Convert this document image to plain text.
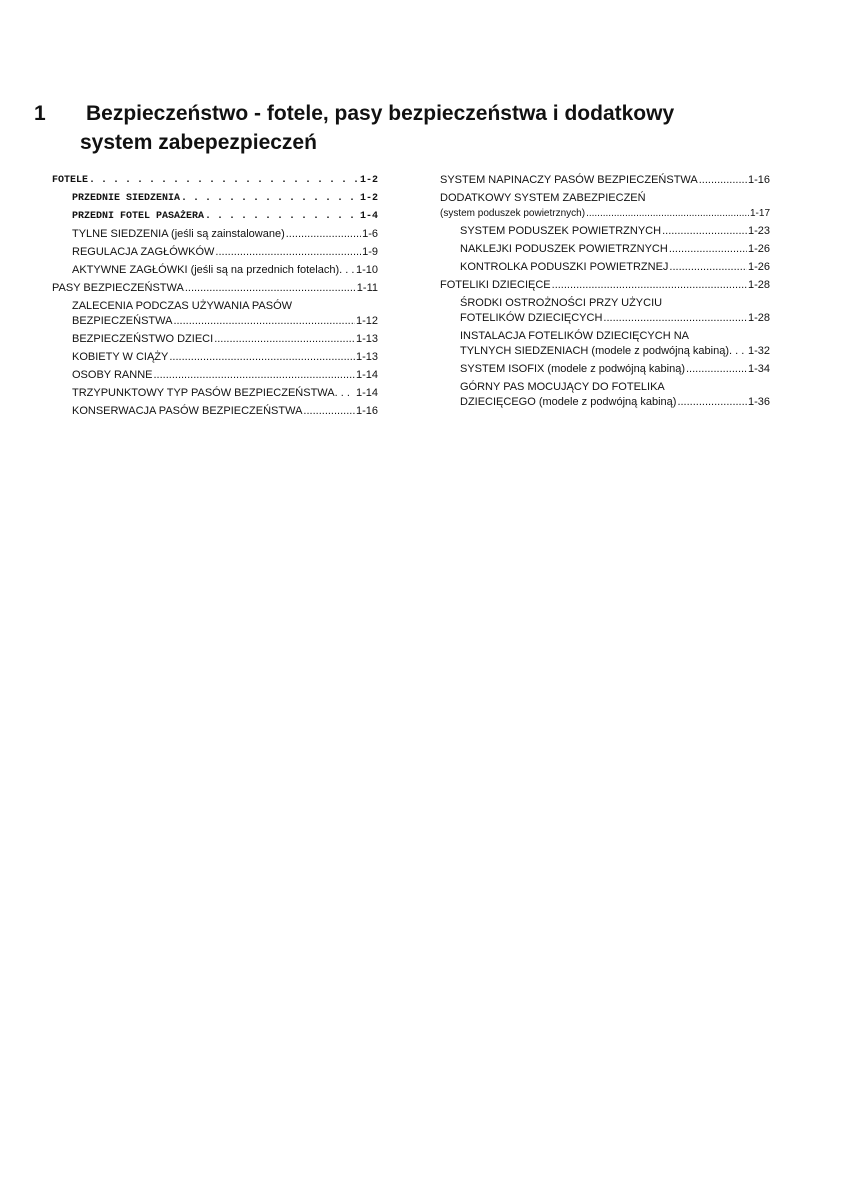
1 Bezpieczeństwo - fotele, pasy bezpieczeństwa i dodatkowy
system zabepezpieczeń
FOTELE . . .	1-2
PRZEDNIE SIEDZENIA . . .	1-2
PRZEDNI FOTEL PASAŻERA . . .	1-4
TYLNE SIEDZENIA (jeśli są zainstalowane) .....	1-6
REGULACJA ZAGŁÓWKÓW .....	1-9
AKTYWNE ZAGŁÓWKI (jeśli są na przednich fotelach). . . 1-10
PASY BEZPIECZEŃSTWA .....	1-11
ZALECENIA PODCZAS UŻYWANIA PASÓW
BEZPIECZEŃSTWA .....	1-12
BEZPIECZEŃSTWO DZIECI .....	1-13
KOBIETY W CIĄŻY .....	1-13
OSOBY RANNE .....	1-14
TRZYPUNKTOWY TYP PASÓW BEZPIECZEŃSTWA. . . 1-14
KONSERWACJA PASÓW BEZPIECZEŃSTWA .....	1-16
SYSTEM NAPINACZY PASÓW BEZPIECZEŃSTWA .....	1-16
DODATKOWY SYSTEM ZABEZPIECZEŃ
(system poduszek powietrznych) .....	1-17
SYSTEM PODUSZEK POWIETRZNYCH .....	1-23
NAKLEJKI PODUSZEK POWIETRZNYCH .....	1-26
KONTROLKA PODUSZKI POWIETRZNEJ .....	1-26
FOTELIKI DZIECIĘCE .....	1-28
ŚRODKI OSTROŻNOŚCI PRZY UŻYCIU
FOTELIKÓW DZIECIĘCYCH .....	1-28
INSTALACJA FOTELIKÓW DZIECIĘCYCH NA
TYLNYCH SIEDZENIACH (modele z podwójną kabiną). . . 1-32
SYSTEM ISOFIX (modele z podwójną kabiną) .....	1-34
GÓRNY PAS MOCUJĄCY DO FOTELIKA
DZIECIĘCEGO (modele z podwójną kabiną) .....	1-36
